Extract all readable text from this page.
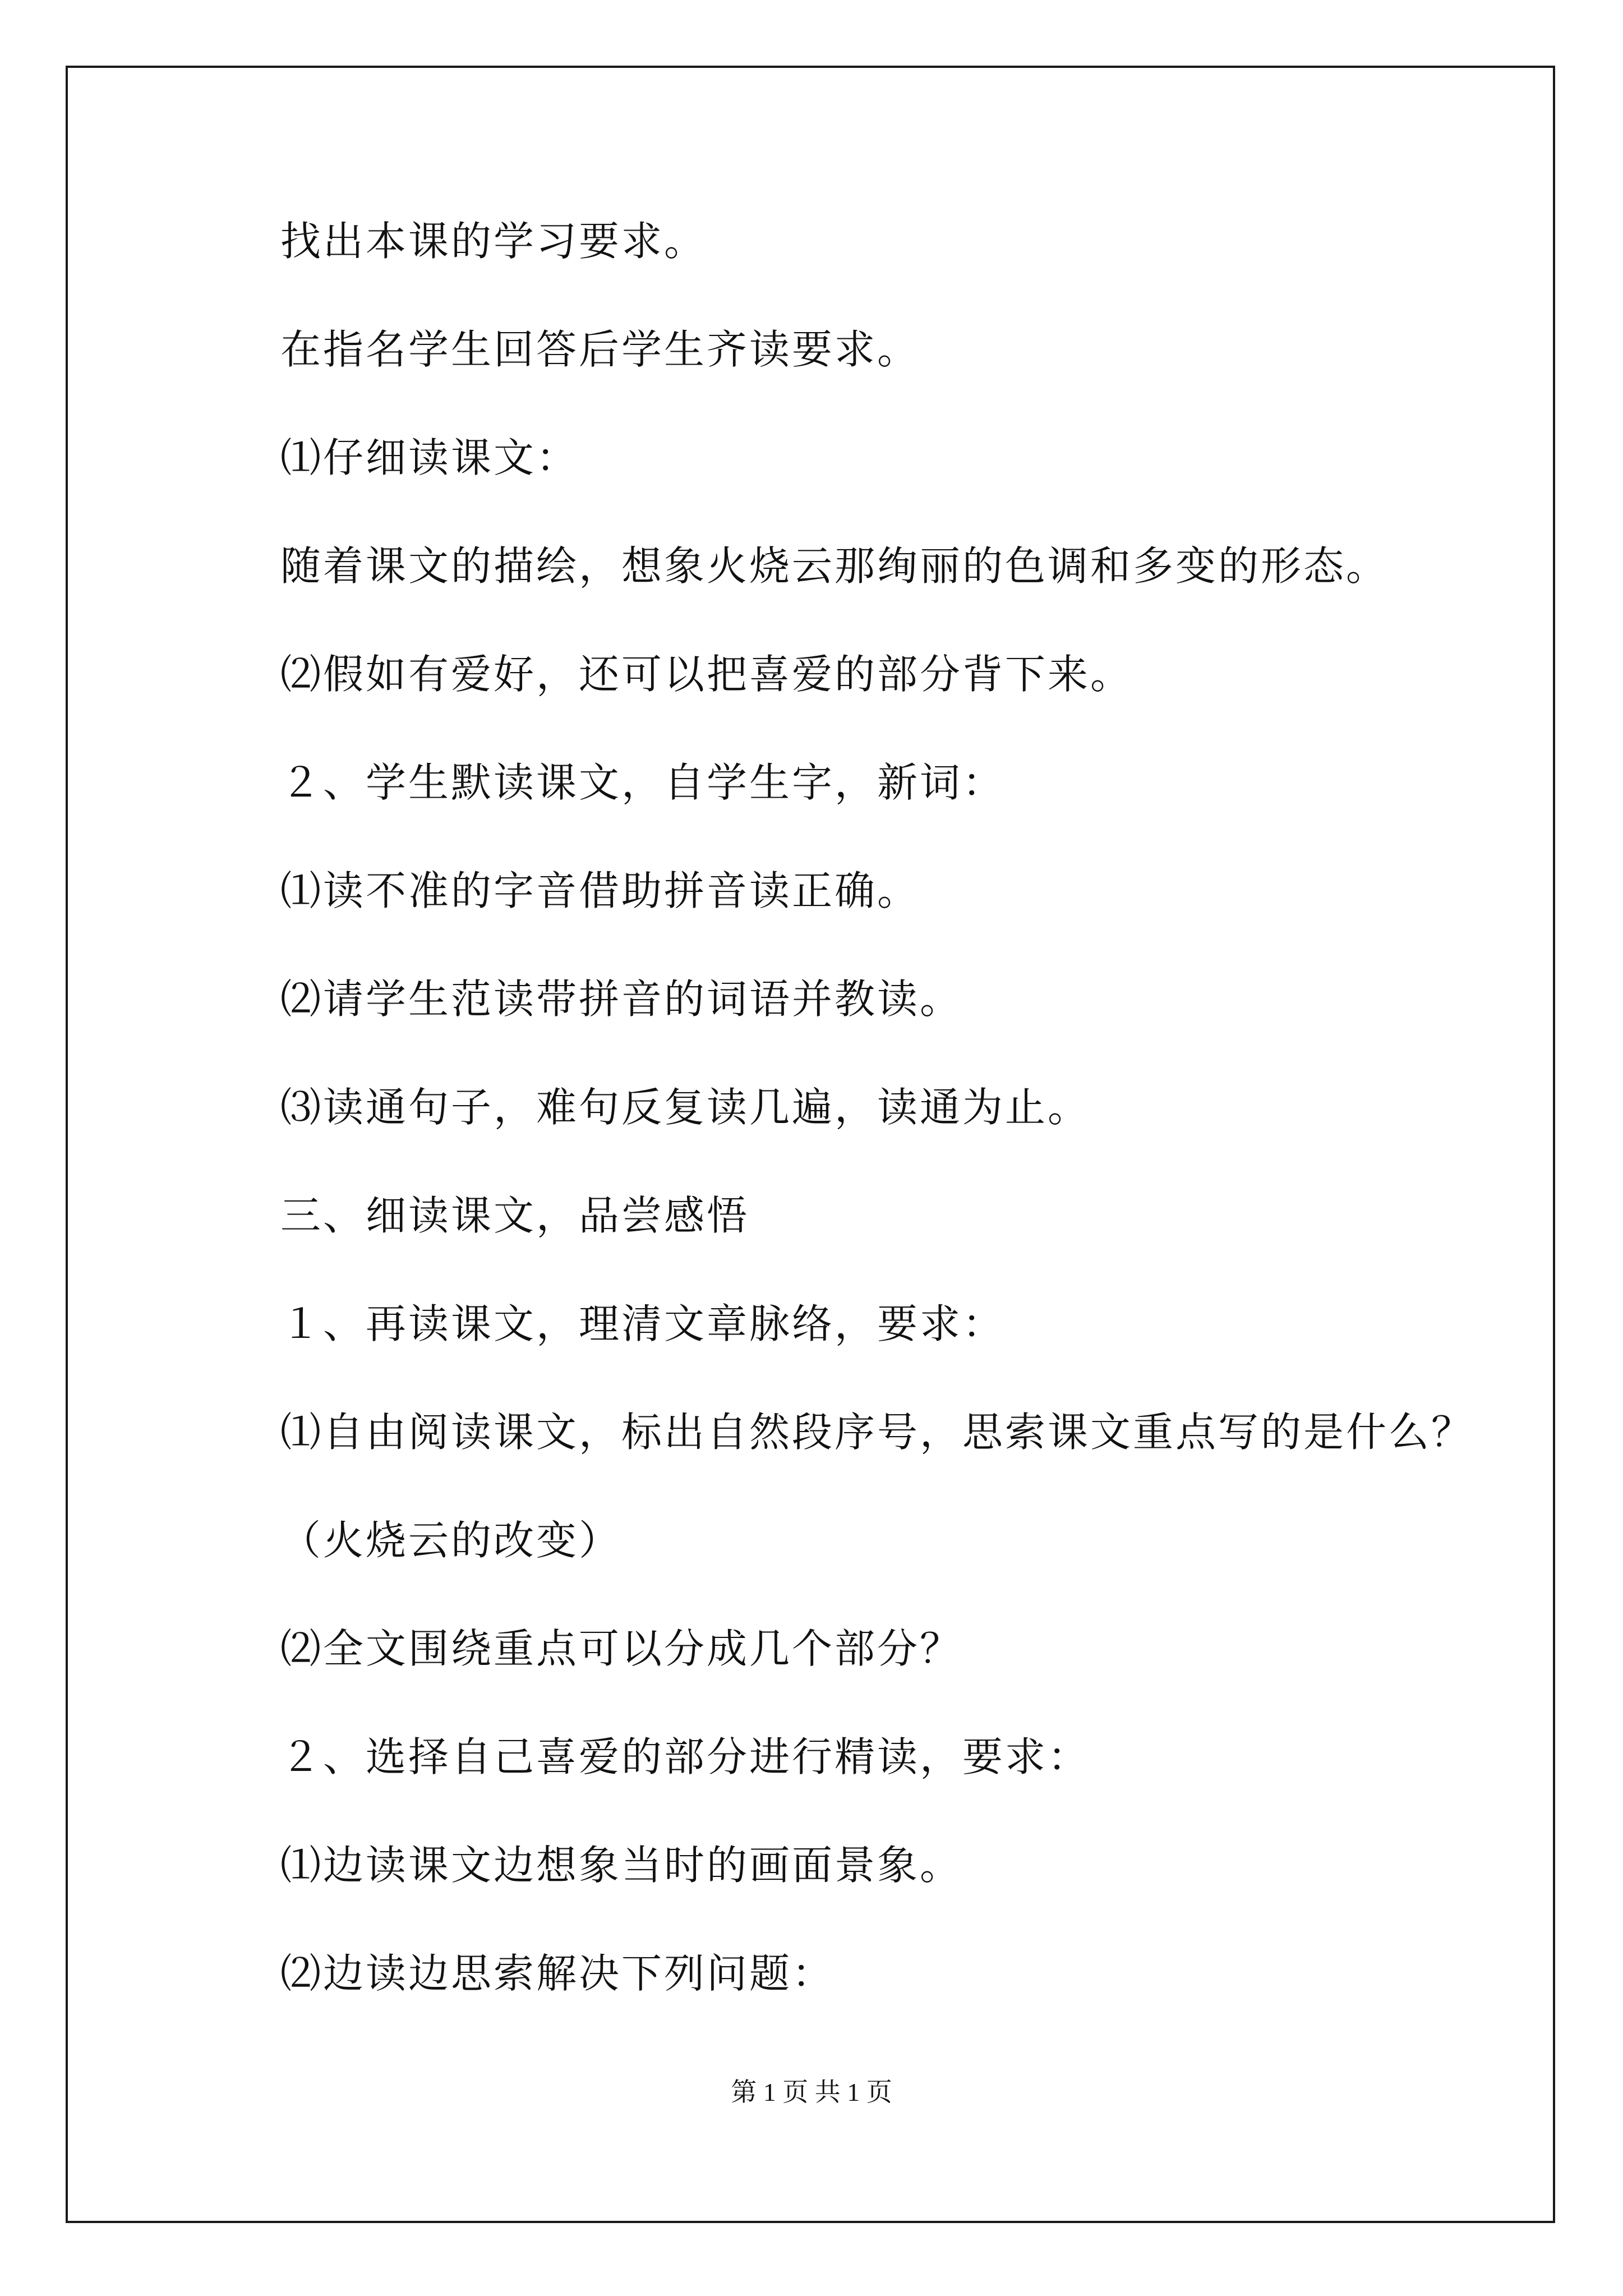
找出本课的学习要求。
在指名学生回答后学生齐读要求。
⑴仔细读课文：
随着课文的描绘，想象火烧云那绚丽的色调和多变的形态。
⑵假如有爱好，还可以把喜爱的部分背下来。
２、学生默读课文，自学生字，新词：
⑴读不准的字音借助拼音读正确。
⑵请学生范读带拼音的词语并教读。
⑶读通句子，难句反复读几遍，读通为止。
三、细读课文，品尝感悟
１、再读课文，理清文章脉络，要求：
⑴自由阅读课文，标出自然段序号，思索课文重点写的是什么？
（火烧云的改变）
⑵全文围绕重点可以分成几个部分？
２、选择自己喜爱的部分进行精读，要求：
⑴边读课文边想象当时的画面景象。
⑵边读边思索解决下列问题：
第 1 页 共 1 页
